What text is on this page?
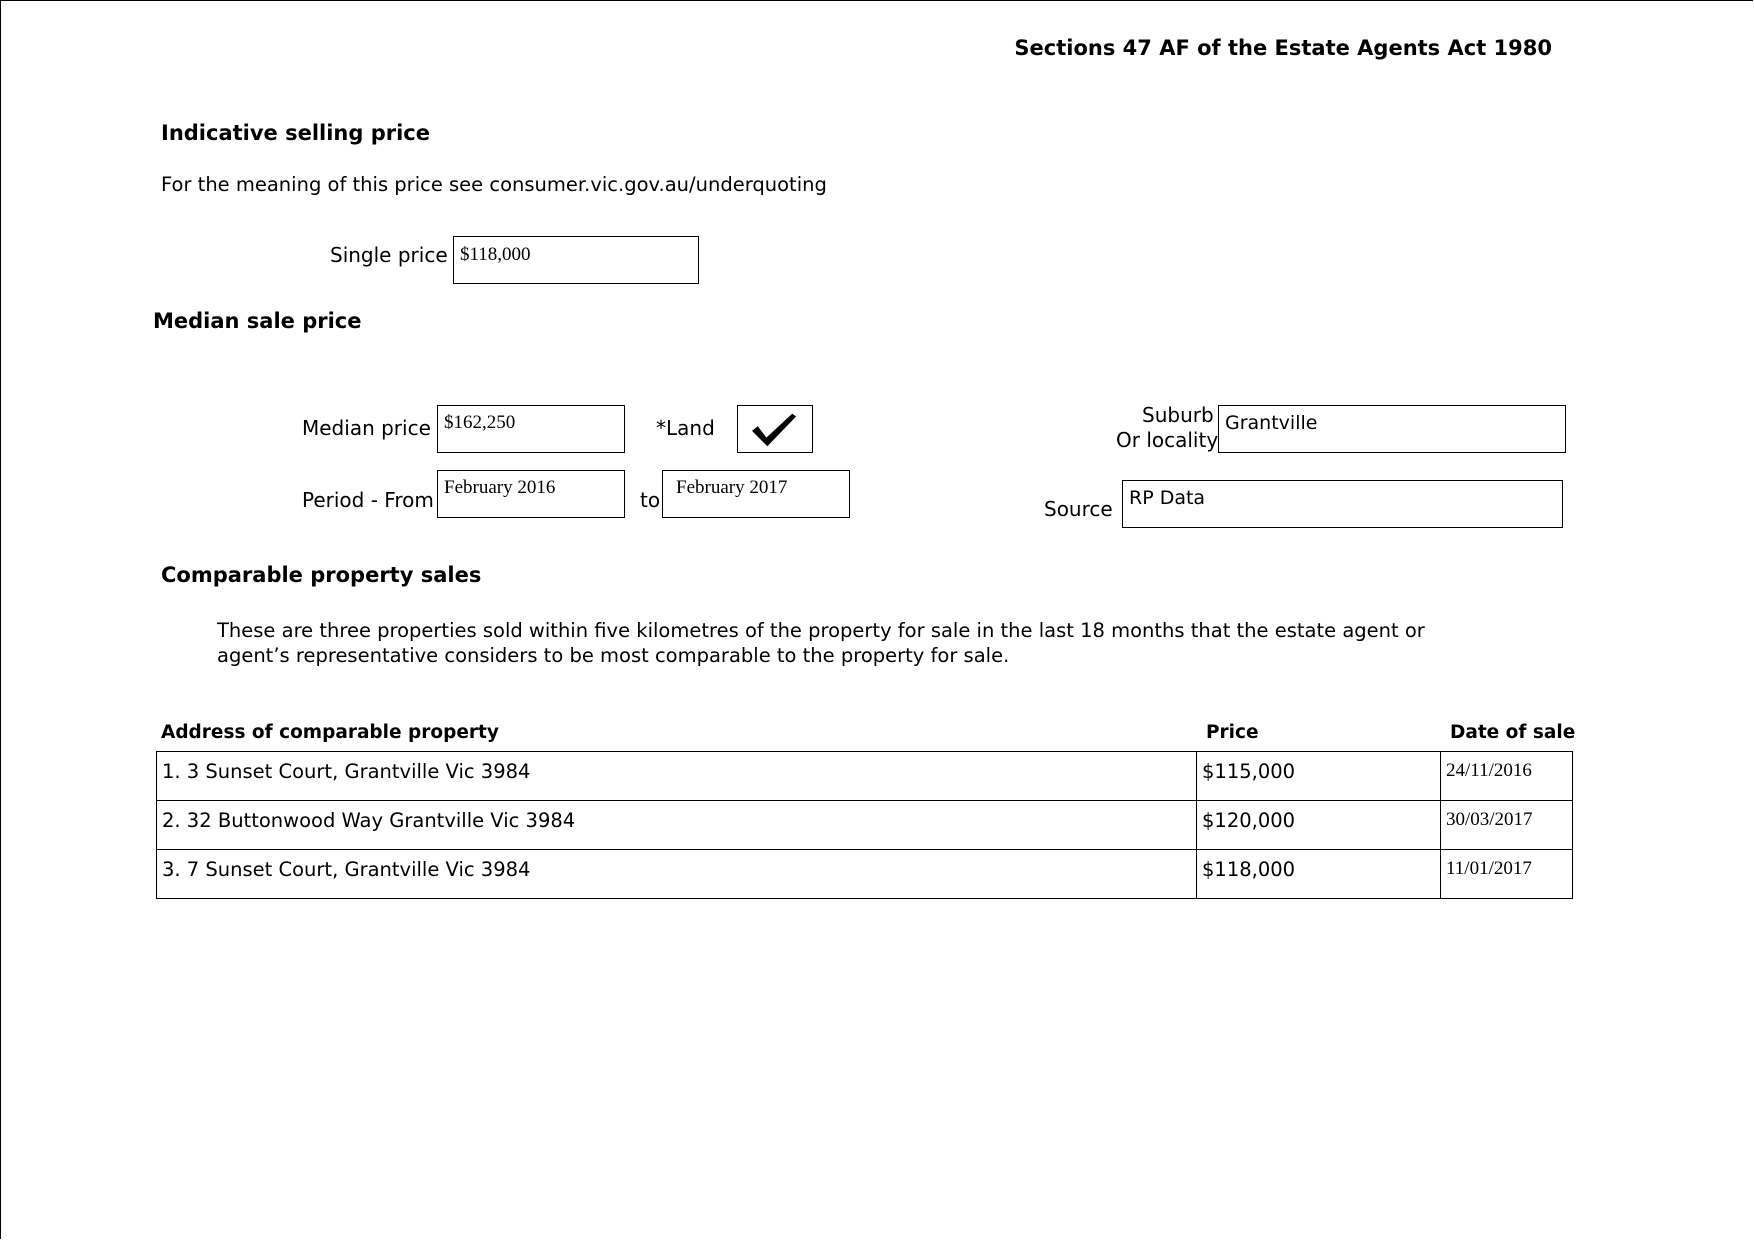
Sections 47 AF of the Estate Agents Act 1980
Indicative selling price
For the meaning of this price see consumer.vic.gov.au/underquoting
Single price $118,000
Median sale price
Median price $162,250	*Land
Suburb
Or locality
Grantville
Period - From
February 2016
to
February 2017
Source RP Data
Comparable property sales
These are three properties sold within five kilometres of the property for sale in the last 18 months that the estate agent or
agent’s representative considers to be most comparable to the property for sale.
Address of comparable property	Price	Date of sale
1. 3 Sunset Court, Grantville Vic 3984	$115,000	24/11/2016
2. 32 Buttonwood Way Grantville Vic 3984	$120,000	30/03/2017
3. 7 Sunset Court, Grantville Vic 3984	$118,000	11/01/2017
